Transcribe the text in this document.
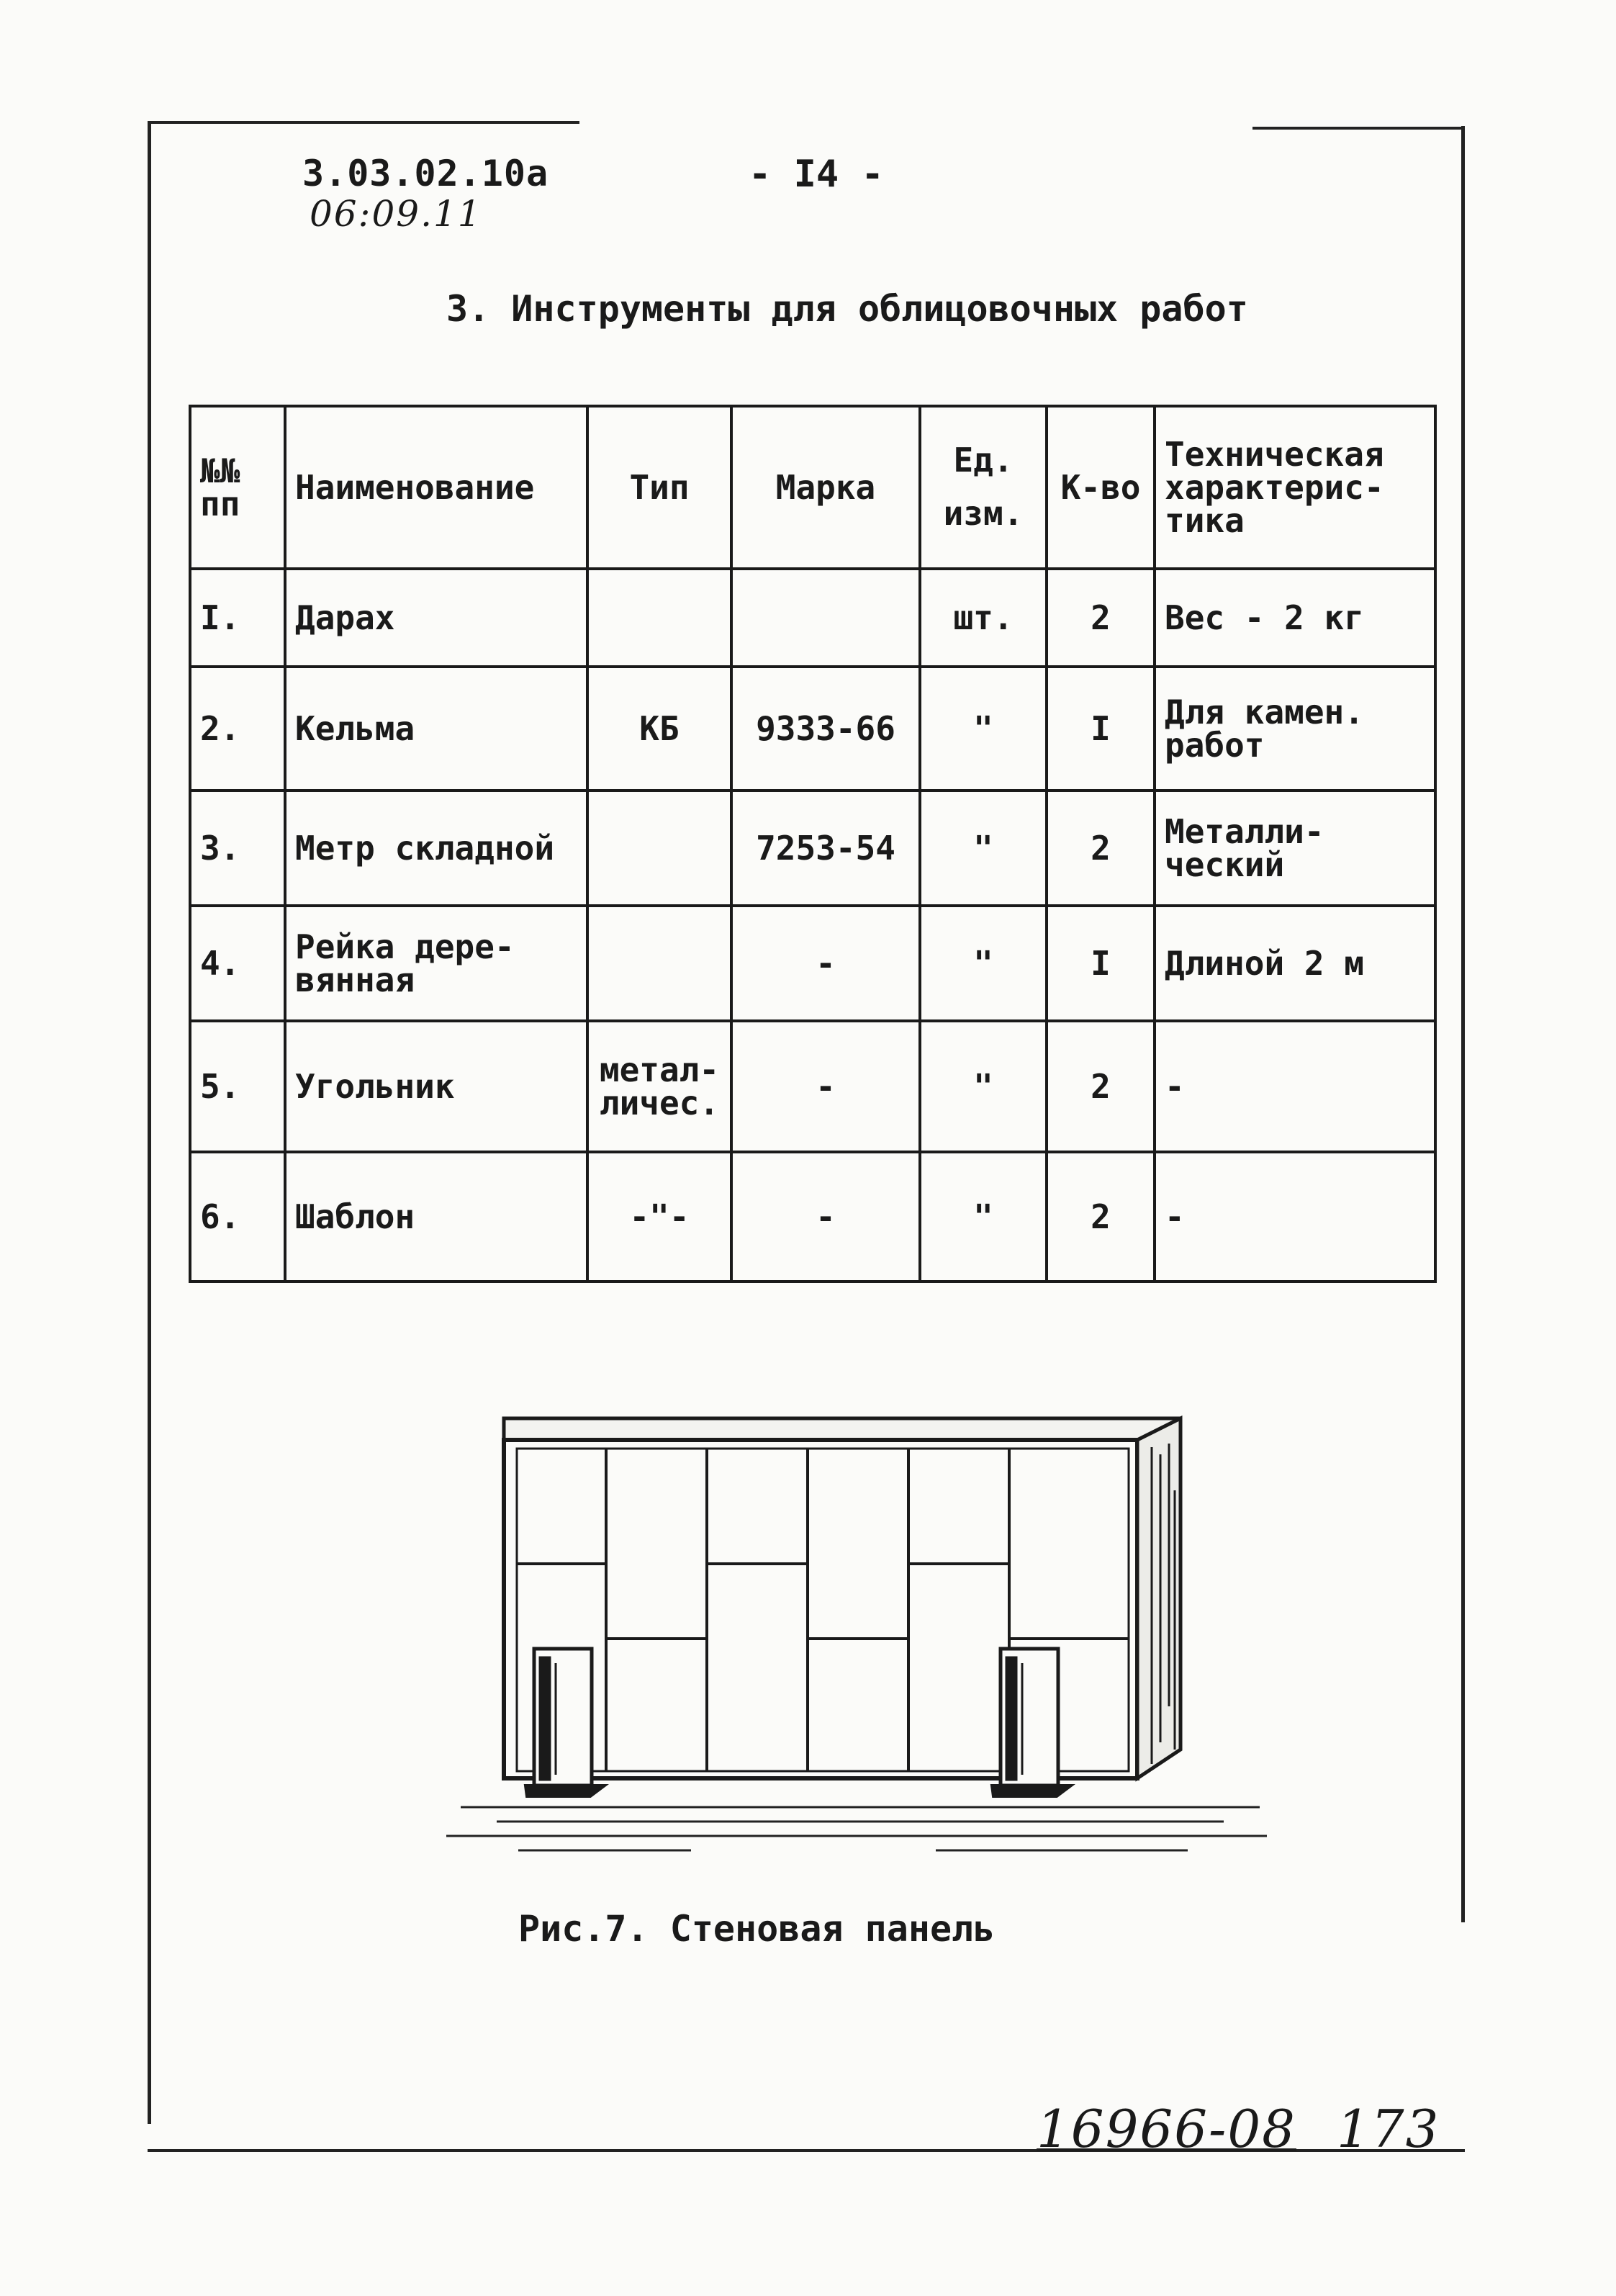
3.03.02.10а
06:09.11
- I4 -
3. Инструменты для облицовочных работ
№№ пп	Наименование	Тип	Марка	Ед. изм.	К-во	Техническая характерис- тика
I.	Дарах			шт.	2	Вес - 2 кг
2.	Кельма	КБ	9333-66	"	I	Для камен. работ
3.	Метр складной		7253-54	"	2	Металли- ческий
4.	Рейка дере- вянная		-	"	I	Длиной 2 м
5.	Угольник	метал- личес.	-	"	2	-
6.	Шаблон	-"-	-	"	2	-
Рис.7. Стеновая панель
16966-08 173
